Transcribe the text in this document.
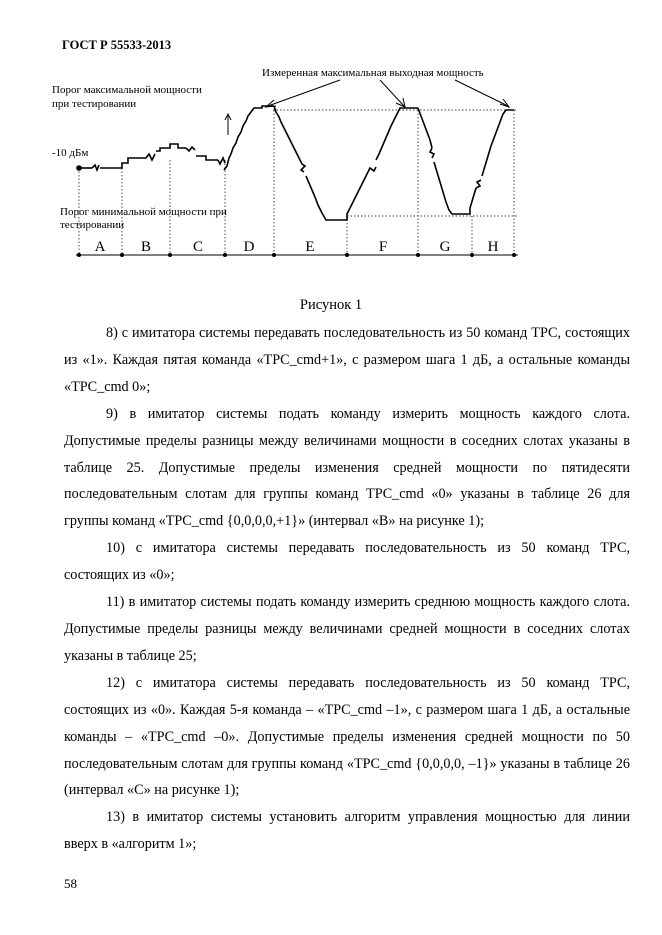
ГОСТ Р 55533-2013
Порог максимальной мощности
при тестировании
Измеренная максимальная выходная мощность
-10 дБм
Порог минимальной мощности при
тестировании
A B	C	D	E	F	G H
Рисунок 1

8) с имитатора системы передавать последовательность из 50 команд ТРС, состоящих из «1». Каждая пятая команда «TPC_cmd+1», с размером шага 1 дБ, а остальные команды «TPC_cmd 0»;

9) в имитатор системы подать команду измерить мощность каждого слота. Допустимые пределы разницы между величинами мощности в соседних слотах указаны в таблице 25. Допустимые пределы изменения средней мощности по пятидесяти последовательным слотам для группы команд TPC_cmd «0» указаны в таблице 26 для группы команд «TPC_cmd {0,0,0,0,+1}» (интервал «В» на рисунке 1);

10) с имитатора системы передавать последовательность из 50 команд ТРС, состоящих из «0»;

11) в имитатор системы подать команду измерить среднюю мощность каждого слота. Допустимые пределы разницы между величинами средней мощности в соседних слотах указаны в таблице 25;

12) с имитатора системы передавать последовательность из 50 команд ТРС, состоящих из «0». Каждая 5-я команда – «TPC_cmd –1», с размером шага 1 дБ, а остальные команды – «TPC_cmd –0». Допустимые пределы изменения средней мощности по 50 последовательным слотам для группы команд «TPC_cmd {0,0,0,0, –1}» указаны в таблице 26 (интервал «С» на рисунке 1);

13) в имитатор системы установить алгоритм управления мощностью для линии вверх в «алгоритм 1»;

58
